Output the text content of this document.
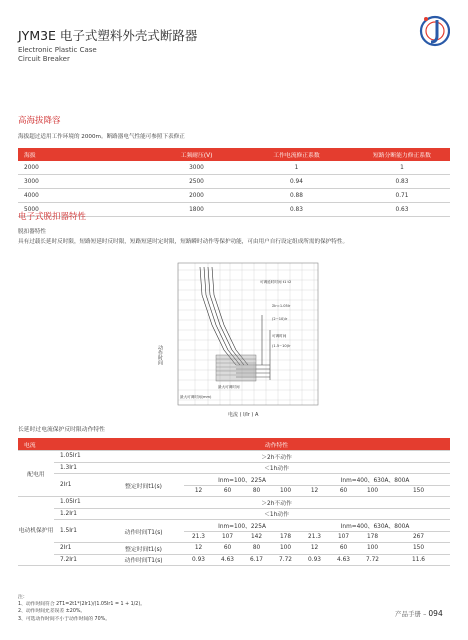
JYM3E 电子式塑料外壳式断路器
Electronic Plastic Case
Circuit Breaker
高海拔降容
海拔超过适用工作环境的 2000m。断路器电气性能可参照下表修正
海拔	工频耐压(V)	工作电流修正系数	短路分断能力修正系数
2000	3000	1	1
3000	2500	0.94	0.83
4000	2000	0.88	0.71
5000	1800	0.83	0.63
电子式脱扣器特性
脱扣器特性
具有过载长延时反时限，短路短延时反时限，短路短延时定时限，短路瞬时动作等保护功能，可由用户自行设定组成所需的保护特性。
可调延时时间 t1 t2
ΣIr=1.05Ir
(2~10)Ir
可调时间
(1.5~10)Ir
最大可调时间
最大可调时间(mm)
动作时间
电流 ( I/Ir ) A
长延时过电流保护反时限动作特性
电流		动作特性								
配电用	1.05Ir1	＞2h不动作								
	1.3Ir1	＜1h动作								
	2Ir1	整定时间t1(s)	Inm=100、225A				Inm=400、630A、800A			
			12	60	80	100	12	60	100	150
电动机保护用	1.05Ir1	＞2h不动作								
	1.2Ir1	＜1h动作								
	1.5Ir1	动作时间T1(s)	Inm=100、225A				Inm=400、630A、800A			
			21.3	107	142	178	21.3	107	178	267
	2Ir1	整定时间t1(s)	12	60	80	100	12	60	100	150
	7.2Ir1	动作时间T1(s)	0.93	4.63	6.17	7.72	0.93	4.63	7.72	11.6
注：
1、动作时间符合 2T1=2t1*(2Ir1)/(1.05Ir1 = 1 + 1/2)。
2、动作时间允差误差 ±20%。
3、可选动作时间不小于动作时间的 70%。
产品手册 – 094
